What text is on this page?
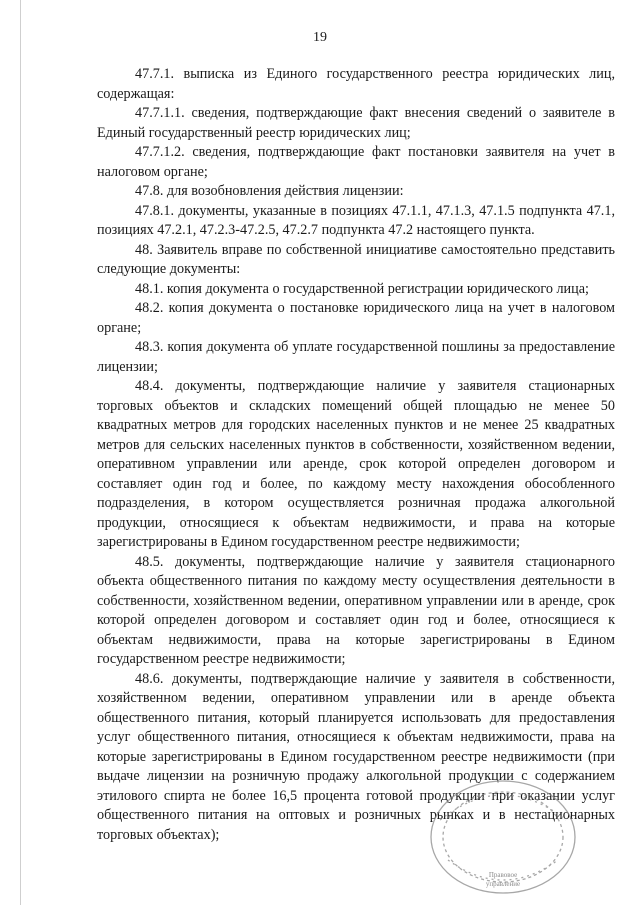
19

47.7.1. выписка из Единого государственного реестра юридических лиц, содержащая:

47.7.1.1. сведения, подтверждающие факт внесения сведений о заявителе в Единый государственный реестр юридических лиц;

47.7.1.2. сведения, подтверждающие факт постановки заявителя на учет в налоговом органе;

47.8. для возобновления действия лицензии:

47.8.1. документы, указанные в позициях 47.1.1, 47.1.3, 47.1.5 подпункта 47.1, позициях 47.2.1, 47.2.3-47.2.5, 47.2.7 подпункта 47.2 настоящего пункта.

48. Заявитель вправе по собственной инициативе самостоятельно представить следующие документы:

48.1. копия документа о государственной регистрации юридического лица;

48.2. копия документа о постановке юридического лица на учет в налоговом органе;

48.3. копия документа об уплате государственной пошлины за предоставление лицензии;

48.4. документы, подтверждающие наличие у заявителя стационарных торговых объектов и складских помещений общей площадью не менее 50 квадратных метров для городских населенных пунктов и не менее 25 квадратных метров для сельских населенных пунктов в собственности, хозяйственном ведении, оперативном управлении или аренде, срок которой определен договором и составляет один год и более, по каждому месту нахождения обособленного подразделения, в котором осуществляется розничная продажа алкогольной продукции, относящиеся к объектам недвижимости, и права на которые зарегистрированы в Едином государственном реестре недвижимости;

48.5. документы, подтверждающие наличие у заявителя стационарного объекта общественного питания по каждому месту осуществления деятельности в собственности, хозяйственном ведении, оперативном управлении или в аренде, срок которой определен договором и составляет один год и более, относящиеся к объектам недвижимости, права на которые зарегистрированы в Едином государственном реестре недвижимости;

48.6. документы, подтверждающие наличие у заявителя в собственности, хозяйственном ведении, оперативном управлении или в аренде объекта общественного питания, который планируется использовать для предоставления услуг общественного питания, относящиеся к объектам недвижимости, права на которые зарегистрированы в Едином государственном реестре недвижимости (при выдаче лицензии на розничную продажу алкогольной продукции с содержанием этилового спирта не более 16,5 процента готовой продукции при оказании услуг общественного питания на оптовых и розничных рынках и в нестационарных торговых объектах);

Правовое
управление
